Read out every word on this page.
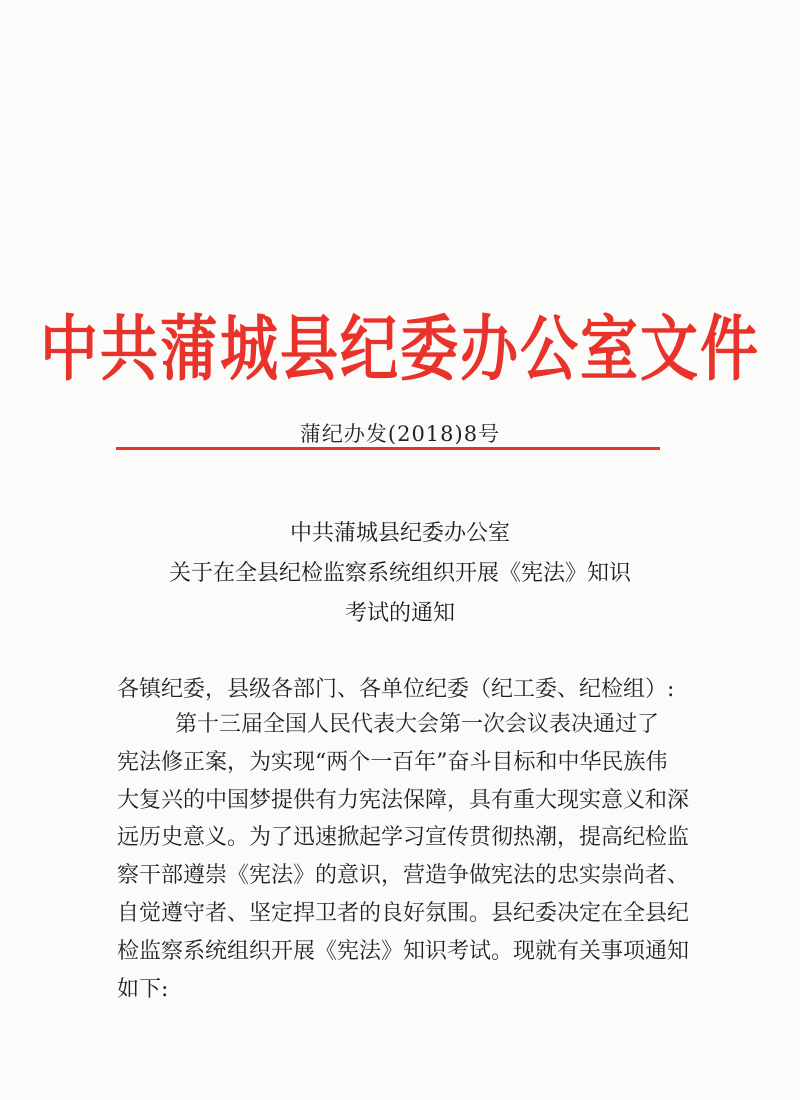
中共蒲城县纪委办公室文件
蒲纪办发(2018)8号
中共蒲城县纪委办公室
关于在全县纪检监察系统组织开展《宪法》知识
考试的通知
各镇纪委，县级各部门、各单位纪委（纪工委、纪检组）:
第十三届全国人民代表大会第一次会议表决通过了
宪法修正案，为实现“两个一百年”奋斗目标和中华民族伟
大复兴的中国梦提供有力宪法保障，具有重大现实意义和深
远历史意义。为了迅速掀起学习宣传贯彻热潮，提高纪检监
察干部遵崇《宪法》的意识，营造争做宪法的忠实崇尚者、
自觉遵守者、坚定捍卫者的良好氛围。县纪委决定在全县纪
检监察系统组织开展《宪法》知识考试。现就有关事项通知
如下:
